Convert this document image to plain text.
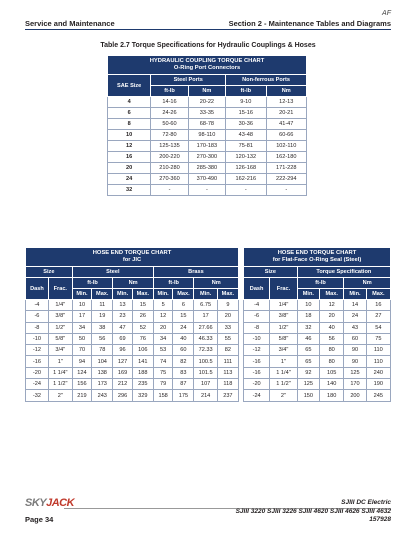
AF
Service and Maintenance	Section 2 - Maintenance Tables and Diagrams
Table 2.7 Torque Specifications for Hydraulic Couplings & Hoses
HYDRAULIC COUPLING TORQUE CHART
O-Ring Port Connectors				

SAE Size	Steel Ports		Non-ferrous Ports	
	ft-lb	Nm	ft-lb	Nm
4	14-16	20-22	9-10	12-13
6	24-26	33-35	15-16	20-21
8	50-60	68-78	30-36	41-47
10	72-80	98-110	43-48	60-66
12	125-135	170-183	75-81	102-110
16	200-220	270-300	120-132	162-180
20	210-280	285-380	126-168	171-228
24	270-360	370-490	162-216	222-294
32	-	-	-	-
HOSE END TORQUE CHART
for JIC									

Size		Steel				Brass			
Dash	Frac.	ft-lb		Nm		ft-lb		Nm	
		Min.	Max.	Min.	Max.	Min.	Max.	Min.	Max.
-4	1/4"	10	11	13	15	5	6	6.75	9
-6	3/8"	17	19	23	26	12	15	17	20
-8	1/2"	34	38	47	52	20	24	27.66	33
-10	5/8"	50	56	69	76	34	40	46.33	55
-12	3/4"	70	78	96	106	53	60	72.33	82
-16	1"	94	104	127	141	74	82	100.5	111
-20	1 1/4"	124	138	169	188	75	83	101.5	113
-24	1 1/2"	156	173	212	235	79	87	107	118
-32	2"	219	243	296	329	158	175	214	237
HOSE END TORQUE CHART
for Flat-Face O-Ring Seal (Steel)					

Size		Torque Specification			
Dash	Frac.	ft-lb		Nm	
		Min.	Max.	Min.	Max.
-4	1/4"	10	12	14	16
-6	3/8"	18	20	24	27
-8	1/2"	32	40	43	54
-10	5/8"	46	56	60	75
-12	3/4"	65	80	90	110
-16	1"	65	80	90	110
-16	1 1/4"	92	105	125	240
-20	1 1/2"	125	140	170	190
-24	2"	150	180	200	245
SKYJACK
Page 34
SJIII DC Electric
SJIII 3220 SJIII 3226 SJIII 4620 SJIII 4626 SJIII 4632
157928
